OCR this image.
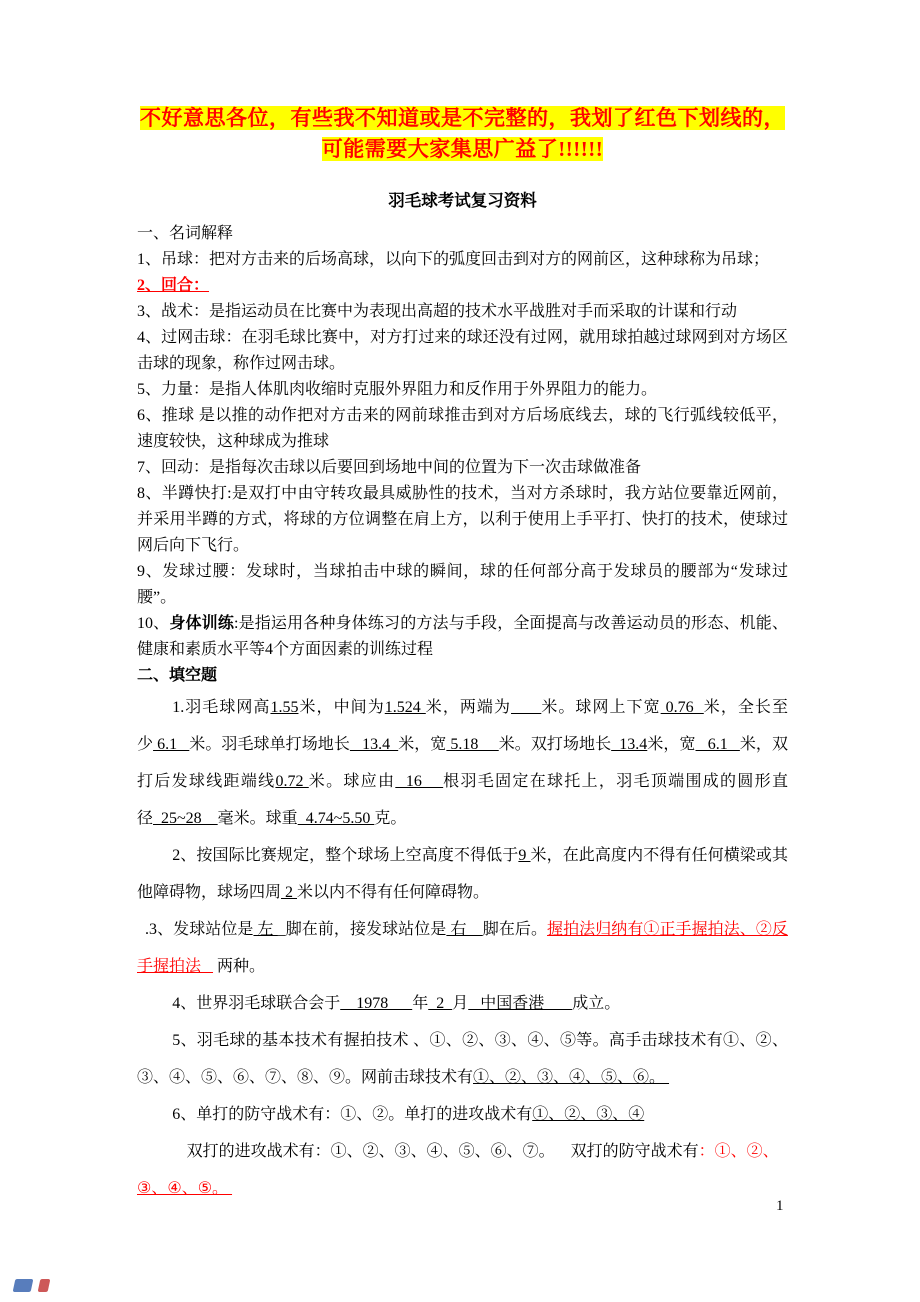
不好意思各位，有些我不知道或是不完整的，我划了红色下划线的，
可能需要大家集思广益了!!!!!!
羽毛球考试复习资料
一、名词解释
1、吊球：把对方击来的后场高球，以向下的弧度回击到对方的网前区，这种球称为吊球；
2、回合：
3、战术：是指运动员在比赛中为表现出高超的技术水平战胜对手而采取的计谋和行动
4、过网击球：在羽毛球比赛中，对方打过来的球还没有过网，就用球拍越过球网到对方场区击球的现象，称作过网击球。
5、力量：是指人体肌肉收缩时克服外界阻力和反作用于外界阻力的能力。
6、推球 是以推的动作把对方击来的网前球推击到对方后场底线去，球的飞行弧线较低平，速度较快，这种球成为推球
7、回动：是指每次击球以后要回到场地中间的位置为下一次击球做准备
8、半蹲快打:是双打中由守转攻最具威胁性的技术，当对方杀球时，我方站位要靠近网前，并采用半蹲的方式，将球的方位调整在肩上方，以利于使用上手平打、快打的技术，使球过网后向下飞行。
9、发球过腰：发球时，当球拍击中球的瞬间，球的任何部分高于发球员的腰部为“发球过腰”。
10、身体训练:是指运用各种身体练习的方法与手段，全面提高与改善运动员的形态、机能、健康和素质水平等4个方面因素的训练过程
二、填空题
1.羽毛球网高1.55米，中间为1.524 米，两端为 米。球网上下宽 0.76  米，全长至少 6.1   米。羽毛球单打场地长   13.4  米，宽 5.18     米。双打场地长  13.4米，宽   6.1   米，双打后发球线距端线0.72 米。球应由  16    根羽毛固定在球托上，羽毛顶端围成的圆形直径  25~28    毫米。球重  4.74~5.50 克。
2、按国际比赛规定，整个球场上空高度不得低于9 米，在此高度内不得有任何横梁或其他障碍物，球场四周 2 米以内不得有任何障碍物。
.3、发球站位是 左 _脚在前，接发球站位是 右    脚在后。握拍法归纳有①正手握拍法、②反手握拍法    两种。
4、世界羽毛球联合会于    1978      年  2  月   中国香港       成立。
5、羽毛球的基本技术有握拍技术 、①、②、③、④、⑤等。高手击球技术有①、②、③、④、⑤、⑥、⑦、⑧、⑨。网前击球技术有①、②、③、④、⑤、⑥。
6、单打的防守战术有：①、②。单打的进攻战术有①、②、③、④
双打的进攻战术有：①、②、③、④、⑤、⑥、⑦。    双打的防守战术有：①、②、
③、④、⑤。
1
